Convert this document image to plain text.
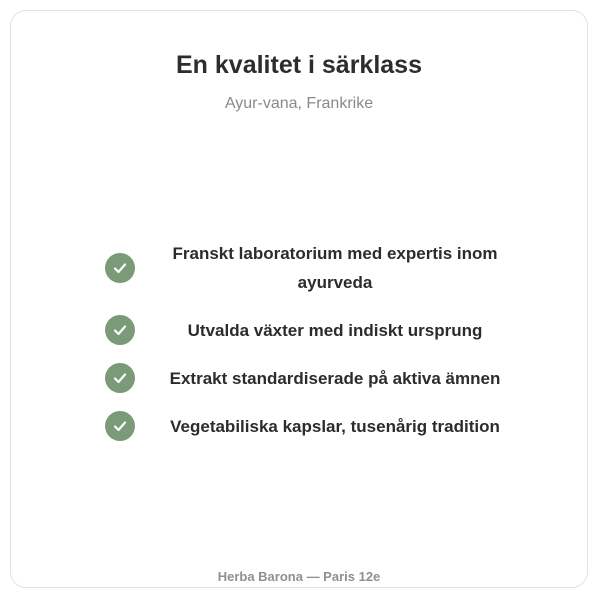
En kvalitet i särklass

Ayur-vana, Frankrike

Franskt laboratorium med expertis inom ayurveda
Utvalda växter med indiskt ursprung
Extrakt standardiserade på aktiva ämnen
Vegetabiliska kapslar, tusenårig tradition

Herba Barona — Paris 12e
